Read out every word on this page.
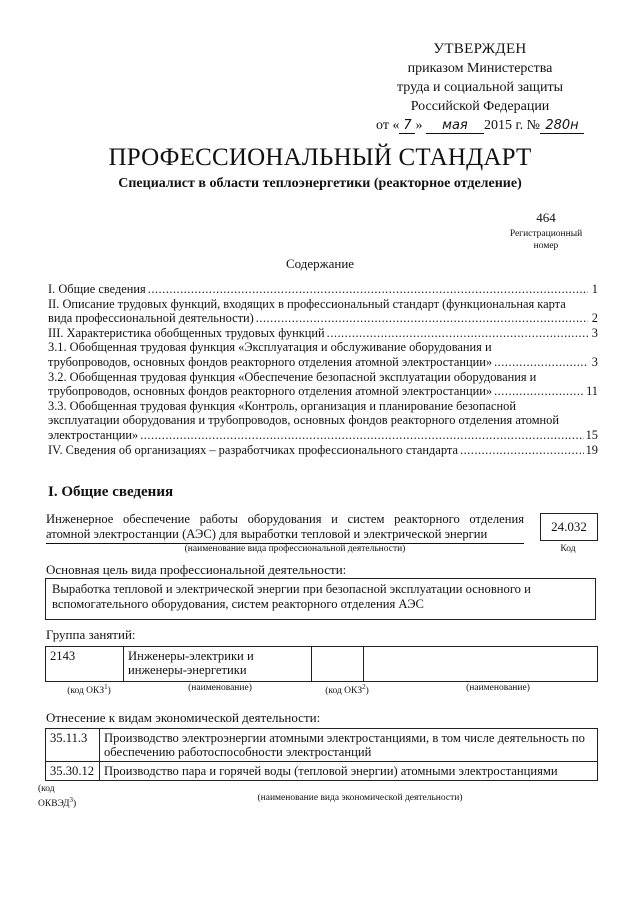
УТВЕРЖДЕН
приказом Министерства
труда и социальной защиты
Российской Федерации
от « 7 » мая 2015 г. № 280н
ПРОФЕССИОНАЛЬНЫЙ СТАНДАРТ
Специалист в области теплоэнергетики (реакторное отделение)
464
Регистрационный
номер
Содержание
I. Общие сведения .....	1
II. Описание трудовых функций, входящих в профессиональный стандарт (функциональная карта
вида профессиональной деятельности) .....	2
III. Характеристика обобщенных трудовых функций .....	3
3.1. Обобщенная трудовая функция «Эксплуатация и обслуживание оборудования и
трубопроводов, основных фондов реакторного отделения атомной электростанции» .....	3
3.2. Обобщенная трудовая функция «Обеспечение безопасной эксплуатации оборудования и
трубопроводов, основных фондов реакторного отделения атомной электростанции» .....	11
3.3. Обобщенная трудовая функция «Контроль, организация и планирование безопасной
эксплуатации оборудования и трубопроводов, основных фондов реакторного отделения атомной
электростанции» .....	15
IV. Сведения об организациях – разработчиках профессионального стандарта .....	19
I. Общие сведения
Инженерное обеспечение работы оборудования и систем реакторного отделения атомной электростанции (АЭС) для выработки тепловой и электрической энергии
(наименование вида профессиональной деятельности)
24.032
Код
Основная цель вида профессиональной деятельности:
Выработка тепловой и электрической энергии при безопасной эксплуатации основного и вспомогательного оборудования, систем реакторного отделения АЭС
Группа занятий:
2143	Инженеры-электрики и инженеры-энергетики
(код ОКЗ$^1$)	(наименование)	(код ОКЗ$^2$)	(наименование)
Отнесение к видам экономической деятельности:
35.11.3	Производство электроэнергии атомными электростанциями, в том числе деятельность по обеспечению работоспособности электростанций
35.30.12 Производство пара и горячей воды (тепловой энергии) атомными электростанциями
(код
ОКВЭД$^3$)
(наименование вида экономической деятельности)
